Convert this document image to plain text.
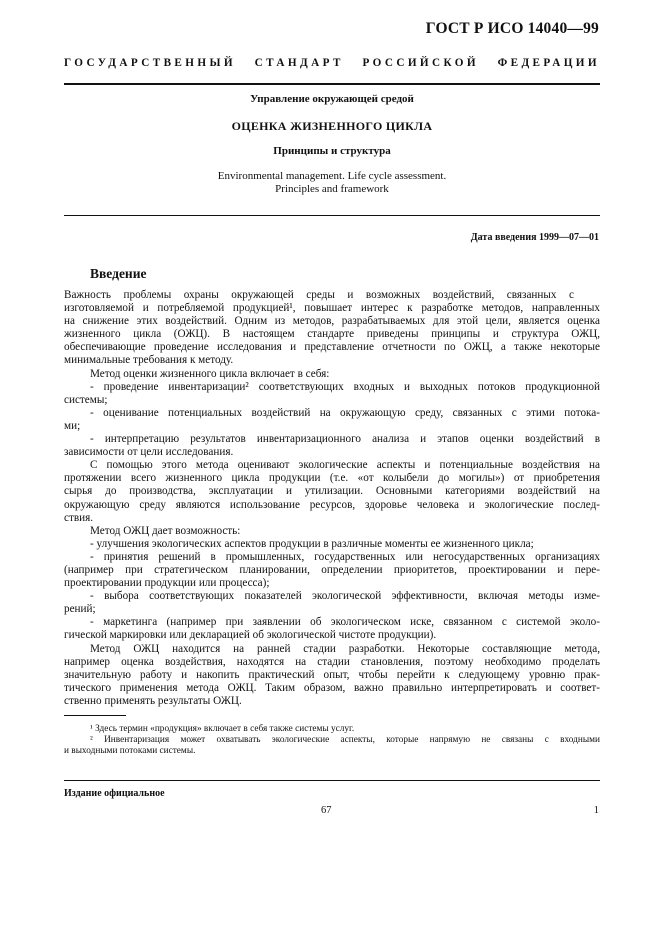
ГОСТ Р ИСО 14040—99
ГОСУДАРСТВЕННЫЙ СТАНДАРТ РОССИЙСКОЙ ФЕДЕРАЦИИ
Управление окружающей средой
ОЦЕНКА ЖИЗНЕННОГО ЦИКЛА
Принципы и структура
Environmental management. Life cycle assessment.
Principles and framework
Дата введения 1999—07—01
Введение

Важность проблемы охраны окружающей среды и возможных воздействий, связанных с

изготовляемой и потребляемой продукцией¹, повышает интерес к разработке методов, направленных

на снижение этих воздействий. Одним из методов, разрабатываемых для этой цели, является оценка

жизненного цикла (ОЖЦ). В настоящем стандарте приведены принципы и структура ОЖЦ,

обеспечивающие проведение исследования и представление отчетности по ОЖЦ, а также некоторые

минимальные требования к методу.

Метод оценки жизненного цикла включает в себя:

- проведение инвентаризации² соответствующих входных и выходных потоков продукционной

системы;

- оценивание потенциальных воздействий на окружающую среду, связанных с этими потока-

ми;

- интерпретацию результатов инвентаризационного анализа и этапов оценки воздействий в

зависимости от цели исследования.

С помощью этого метода оценивают экологические аспекты и потенциальные воздействия на

протяжении всего жизненного цикла продукции (т.е. «от колыбели до могилы») от приобретения

сырья до производства, эксплуатации и утилизации. Основными категориями воздействий на

окружающую среду являются использование ресурсов, здоровье человека и экологические послед-

ствия.

Метод ОЖЦ дает возможность:

- улучшения экологических аспектов продукции в различные моменты ее жизненного цикла;

- принятия решений в промышленных, государственных или негосударственных организациях

(например при стратегическом планировании, определении приоритетов, проектировании и пере-

проектировании продукции или процесса);

- выбора соответствующих показателей экологической эффективности, включая методы изме-

рений;

- маркетинга (например при заявлении об экологическом иске, связанном с системой эколо-

гической маркировки или декларацией об экологической чистоте продукции).

Метод ОЖЦ находится на ранней стадии разработки. Некоторые составляющие метода,

например оценка воздействия, находятся на стадии становления, поэтому необходимо проделать

значительную работу и накопить практический опыт, чтобы перейти к следующему уровню прак-

тического применения метода ОЖЦ. Таким образом, важно правильно интерпретировать и соответ-

ственно применять результаты ОЖЦ.

¹ Здесь термин «продукция» включает в себя также системы услуг.

² Инвентаризация может охватывать экологические аспекты, которые напрямую не связаны с входными

и выходными потоками системы.

Издание официальное
67	1
